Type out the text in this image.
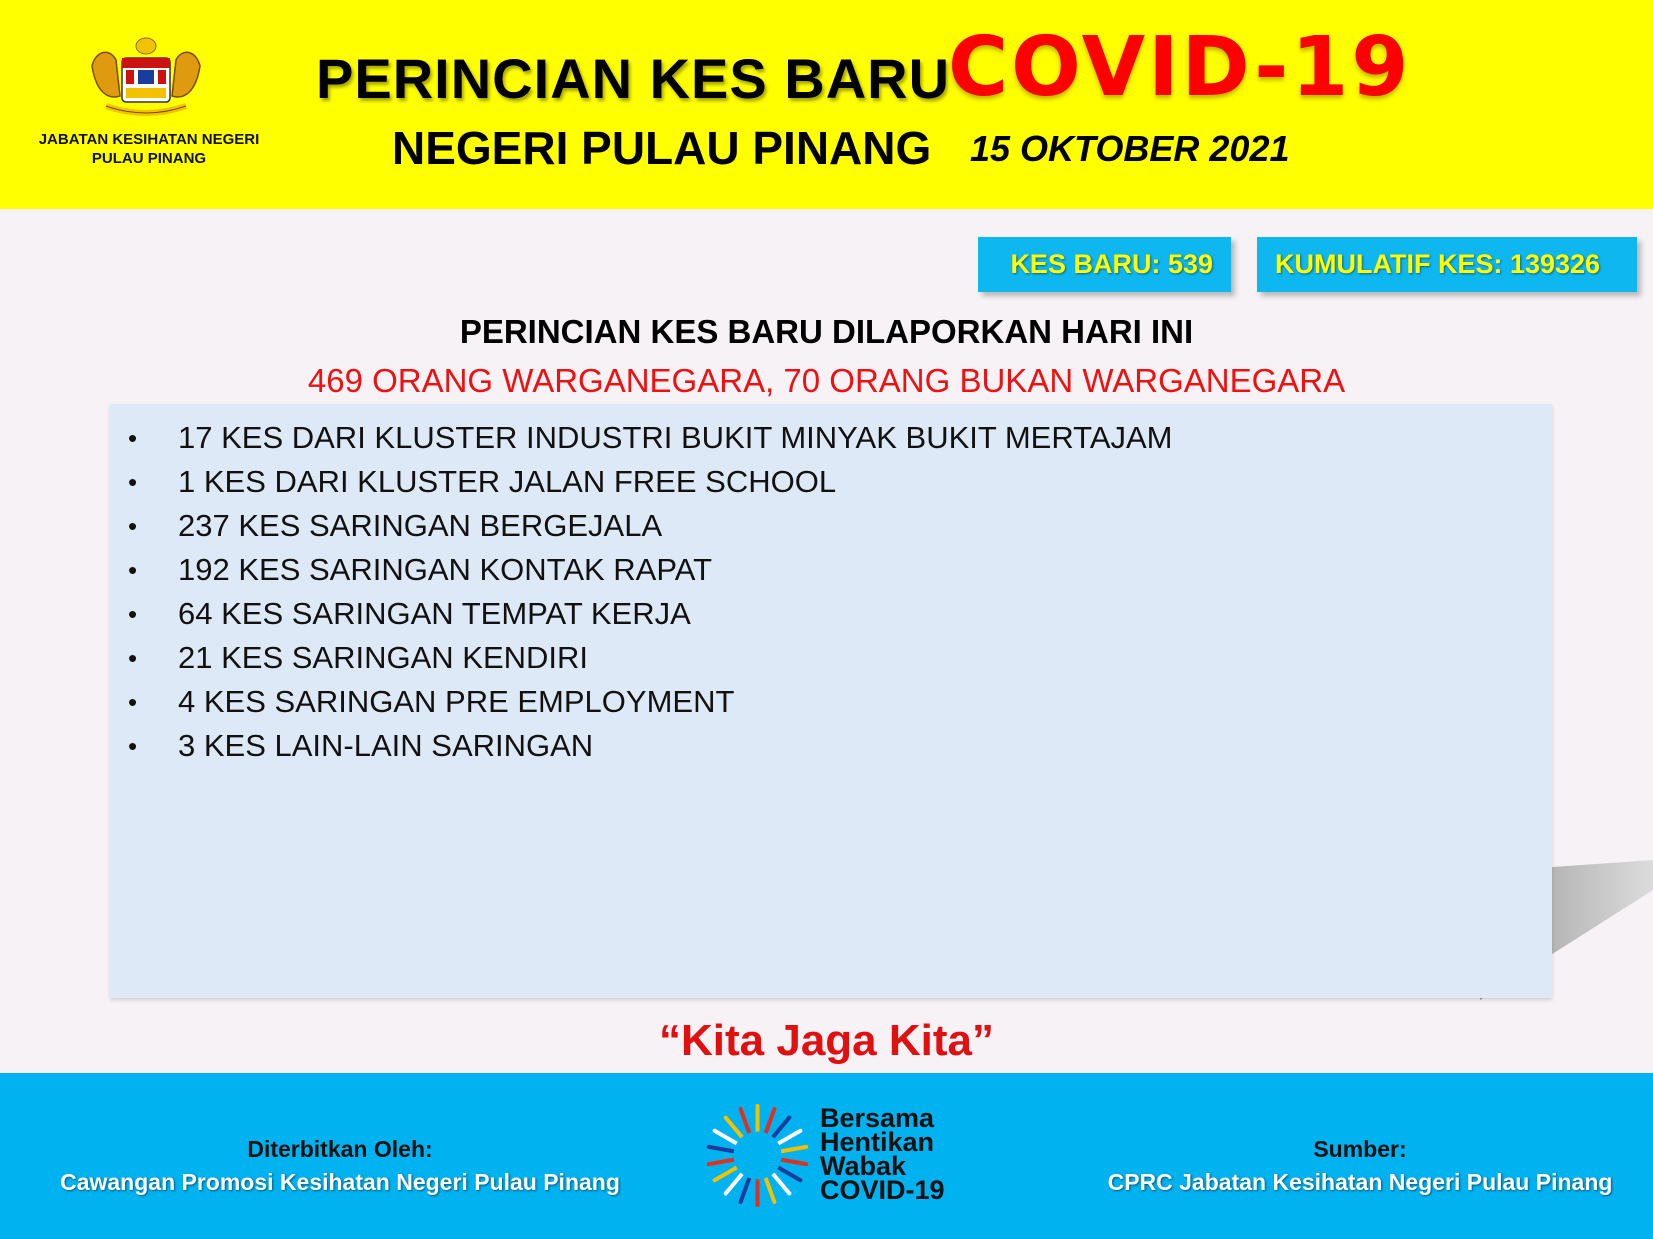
JABATAN KESIHATAN NEGERI
PULAU PINANG
PERINCIAN KES BARU
COVID-19
NEGERI PULAU PINANG 15 OKTOBER 2021
KES BARU: 539	KUMULATIF KES: 139326
PERINCIAN KES BARU DILAPORKAN HARI INI
469 ORANG WARGANEGARA, 70 ORANG BUKAN WARGANEGARA
• 17 KES DARI KLUSTER INDUSTRI BUKIT MINYAK BUKIT MERTAJAM
• 1 KES DARI KLUSTER JALAN FREE SCHOOL
• 237 KES SARINGAN BERGEJALA
• 192 KES SARINGAN KONTAK RAPAT
• 64 KES SARINGAN TEMPAT KERJA
• 21 KES SARINGAN KENDIRI
• 4 KES SARINGAN PRE EMPLOYMENT
• 3 KES LAIN-LAIN SARINGAN
“Kita Jaga Kita”
Diterbitkan Oleh:
Cawangan Promosi Kesihatan Negeri Pulau Pinang
Bersama
Hentikan
Wabak
COVID-19
Sumber:
CPRC Jabatan Kesihatan Negeri Pulau Pinang
